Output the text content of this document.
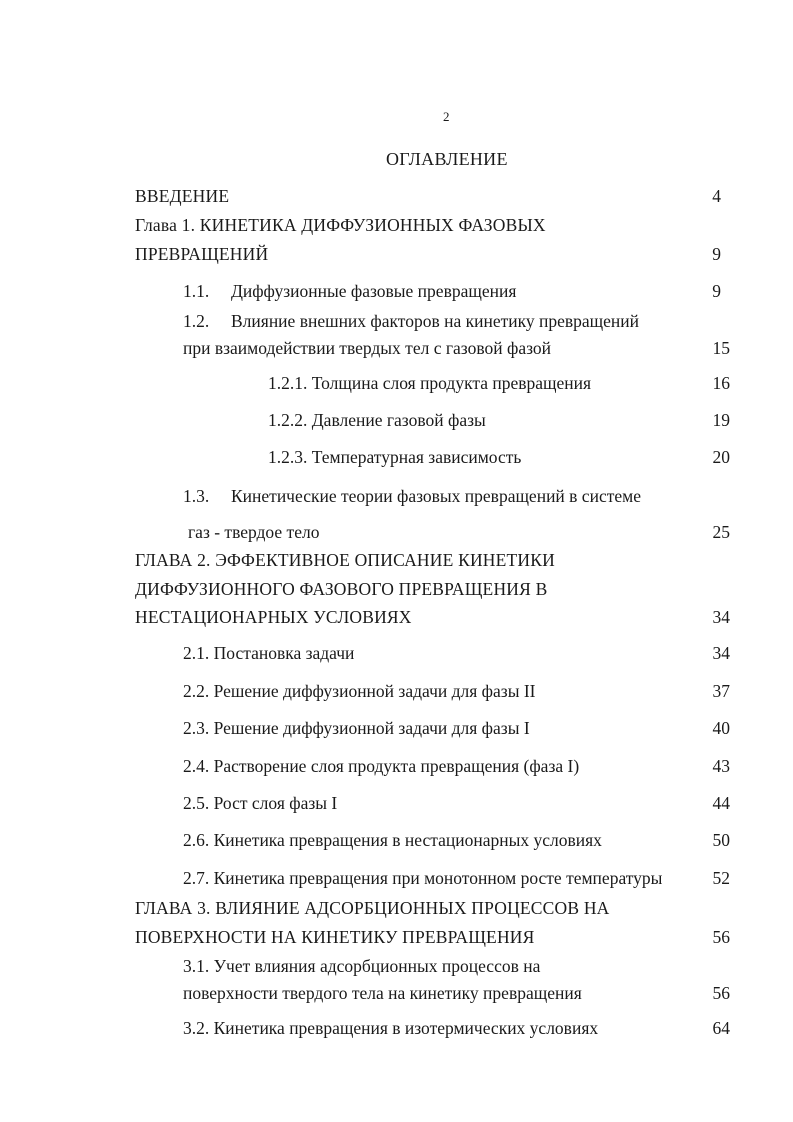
2
ОГЛАВЛЕНИЕ
ВВЕДЕНИЕ	4
Глава 1. КИНЕТИКА ДИФФУЗИОННЫХ ФАЗОВЫХ
ПРЕВРАЩЕНИЙ	9
1.1. Диффузионные фазовые превращения	9
1.2. Влияние внешних факторов на кинетику превращений
при взаимодействии твердых тел с газовой фазой	15
1.2.1. Толщина слоя продукта превращения	16
1.2.2. Давление газовой фазы	19
1.2.3. Температурная зависимость	20
1.3. Кинетические теории фазовых превращений в системе
газ - твердое тело	25
ГЛАВА 2. ЭФФЕКТИВНОЕ ОПИСАНИЕ КИНЕТИКИ
ДИФФУЗИОННОГО ФАЗОВОГО ПРЕВРАЩЕНИЯ В
НЕСТАЦИОНАРНЫХ УСЛОВИЯХ	34
2.1. Постановка задачи	34
2.2. Решение диффузионной задачи для фазы II	37
2.3. Решение диффузионной задачи для фазы I	40
2.4. Растворение слоя продукта превращения (фаза I)	43
2.5. Рост слоя фазы I	44
2.6. Кинетика превращения в нестационарных условиях	50
2.7. Кинетика превращения при монотонном росте температуры	52
ГЛАВА 3. ВЛИЯНИЕ АДСОРБЦИОННЫХ ПРОЦЕССОВ НА
ПОВЕРХНОСТИ НА КИНЕТИКУ ПРЕВРАЩЕНИЯ	56
3.1. Учет влияния адсорбционных процессов на
поверхности твердого тела на кинетику превращения	56
3.2. Кинетика превращения в изотермических условиях	64
